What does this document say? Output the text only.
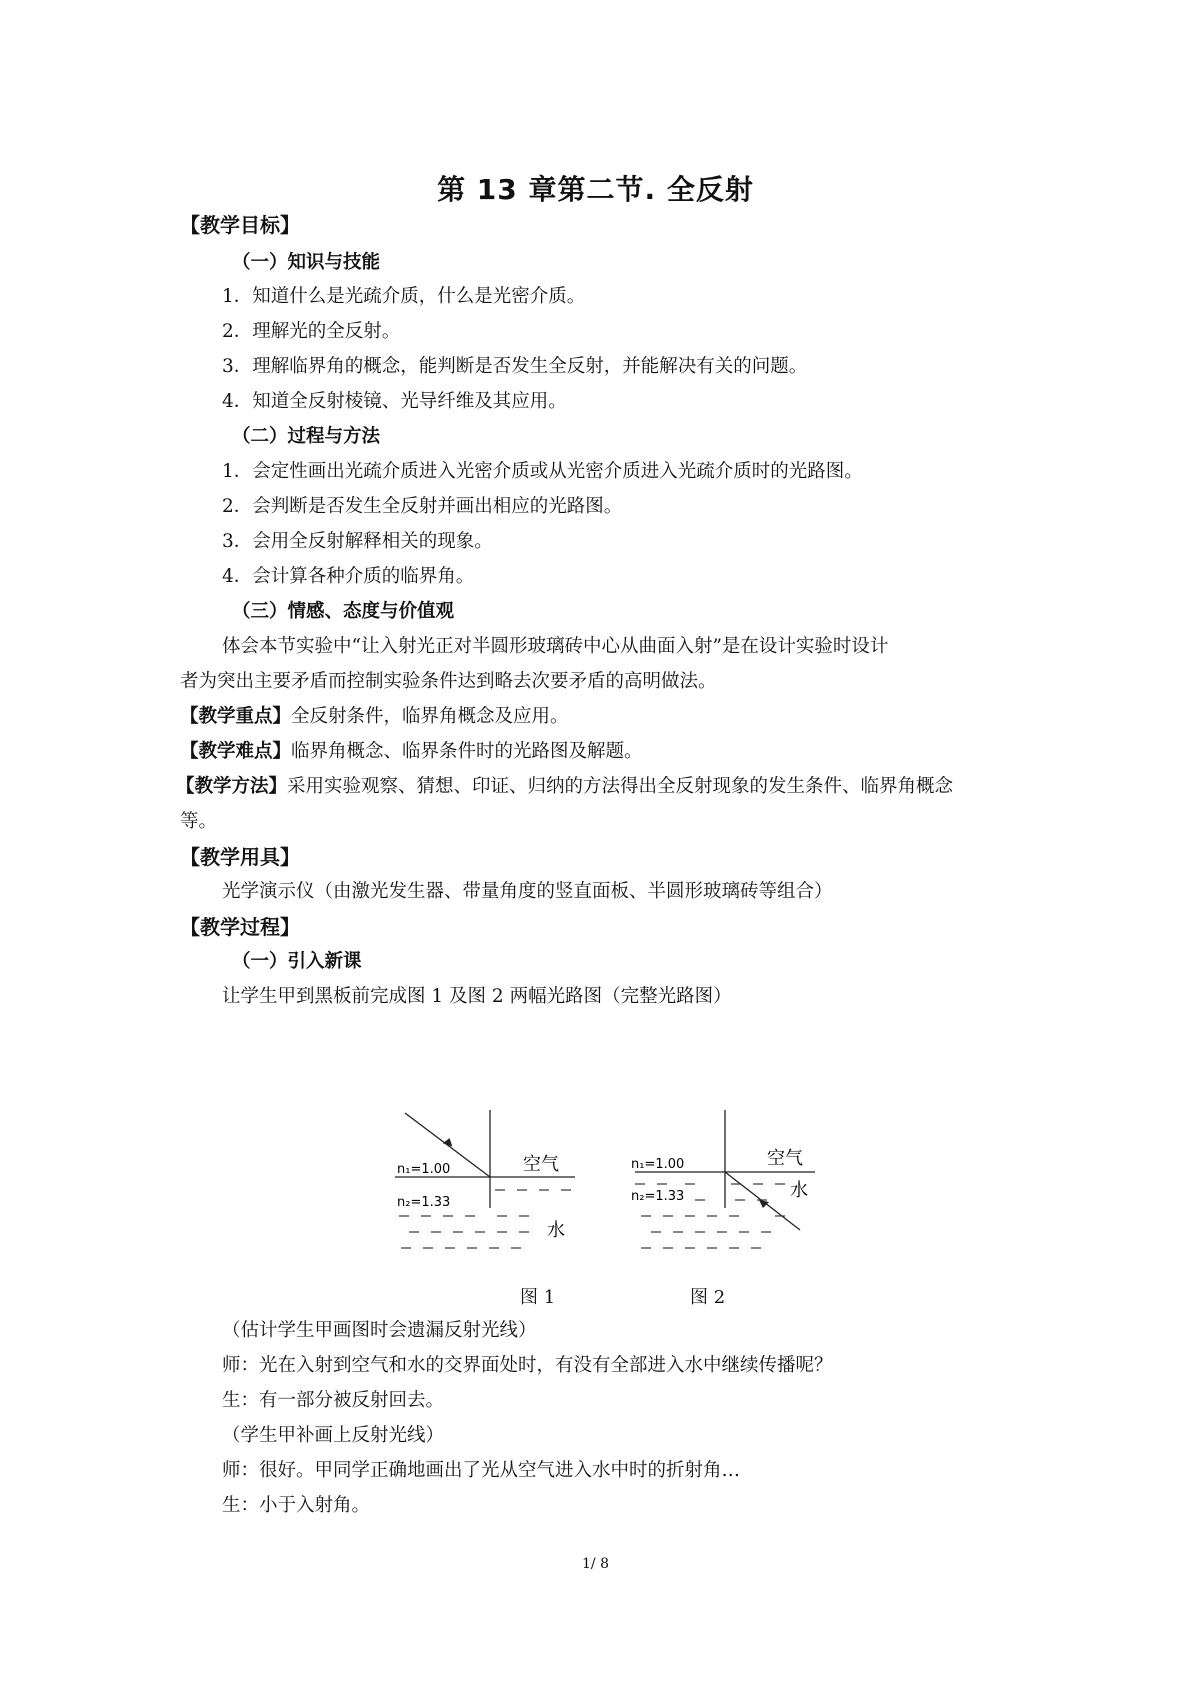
第 13 章第二节. 全反射
【教学目标】
（一）知识与技能
1．知道什么是光疏介质，什么是光密介质。
2．理解光的全反射。
3．理解临界角的概念，能判断是否发生全反射，并能解决有关的问题。
4．知道全反射棱镜、光导纤维及其应用。
（二）过程与方法
1．会定性画出光疏介质进入光密介质或从光密介质进入光疏介质时的光路图。
2．会判断是否发生全反射并画出相应的光路图。
3．会用全反射解释相关的现象。
4．会计算各种介质的临界角。
（三）情感、态度与价值观
体会本节实验中“让入射光正对半圆形玻璃砖中心从曲面入射”是在设计实验时设计
者为突出主要矛盾而控制实验条件达到略去次要矛盾的高明做法。
【教学重点】全反射条件，临界角概念及应用。
【教学难点】临界角概念、临界条件时的光路图及解题。
【教学方法】采用实验观察、猜想、印证、归纳的方法得出全反射现象的发生条件、临界角概念
等。
【教学用具】
光学演示仪（由激光发生器、带量角度的竖直面板、半圆形玻璃砖等组合）
【教学过程】
（一）引入新课
让学生甲到黑板前完成图 1 及图 2 两幅光路图（完整光路图）
n₁=1.00
n₂=1.33
空气
水
n₁=1.00
n₂=1.33
空气
水
图 1	图 2
（估计学生甲画图时会遗漏反射光线）
师：光在入射到空气和水的交界面处时，有没有全部进入水中继续传播呢？
生：有一部分被反射回去。
（学生甲补画上反射光线）
师：很好。甲同学正确地画出了光从空气进入水中时的折射角…
生：小于入射角。
1/ 8
